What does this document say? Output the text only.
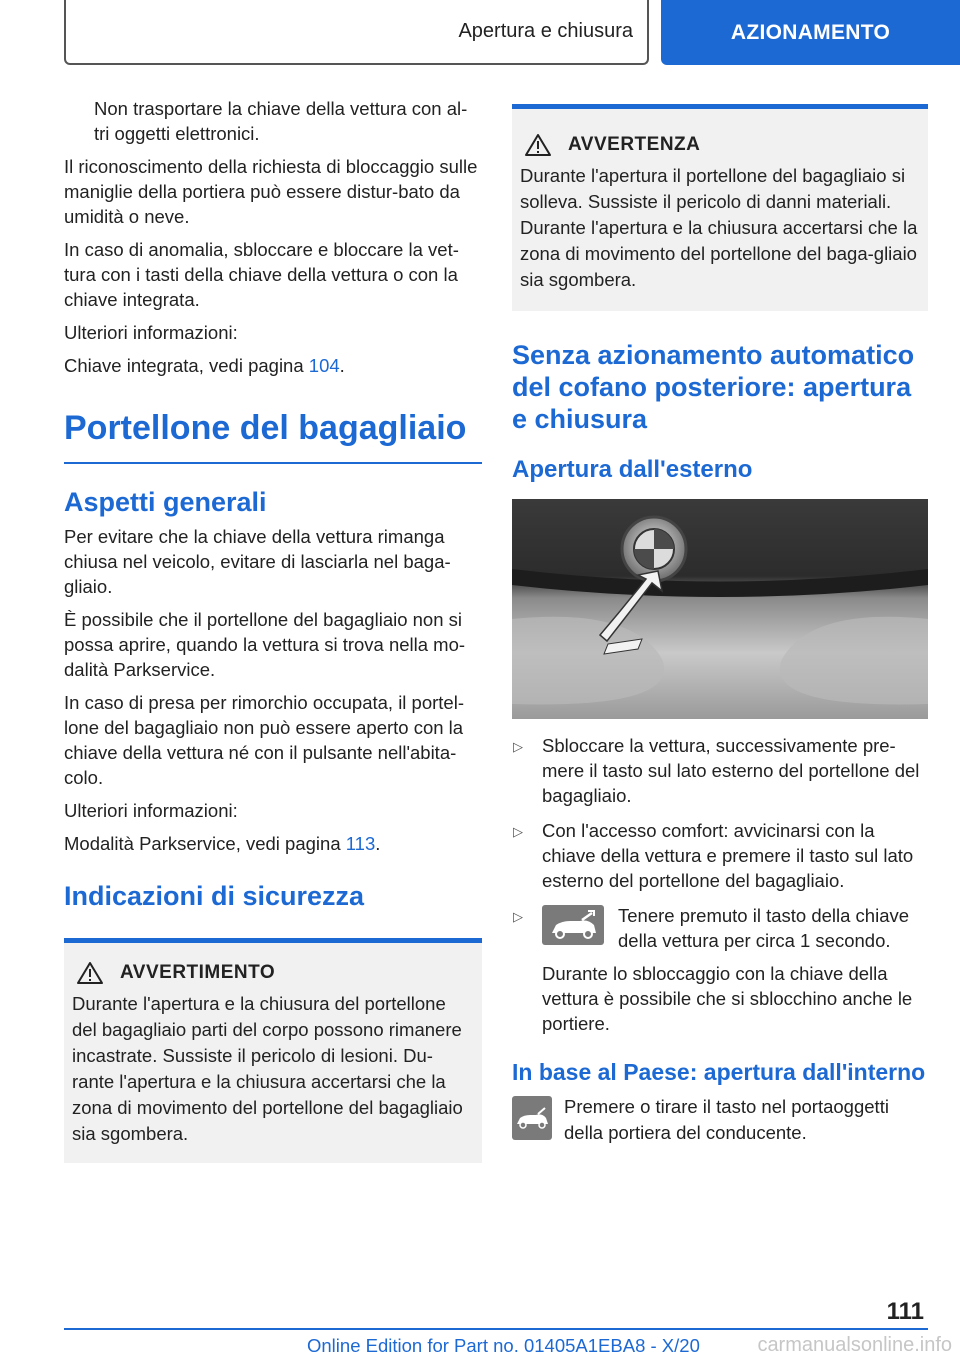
Apertura e chiusura	AZIONAMENTO

Non trasportare la chiave della vettura con al-tri oggetti elettronici.

Il riconoscimento della richiesta di bloccaggio sulle maniglie della portiera può essere distur-bato da umidità o neve.

In caso di anomalia, sbloccare e bloccare la vet-tura con i tasti della chiave della vettura o con la chiave integrata.

Ulteriori informazioni:

Chiave integrata, vedi pagina 104.

Portellone del bagagliaio
Aspetti generali

Per evitare che la chiave della vettura rimanga chiusa nel veicolo, evitare di lasciarla nel baga-gliaio.

È possibile che il portellone del bagagliaio non si possa aprire, quando la vettura si trova nella mo-dalità Parkservice.

In caso di presa per rimorchio occupata, il portel-lone del bagagliaio non può essere aperto con la chiave della vettura né con il pulsante nell'abita-colo.

Ulteriori informazioni:

Modalità Parkservice, vedi pagina 113.

Indicazioni di sicurezza
AVVERTIMENTO

Durante l'apertura e la chiusura del portellone del bagagliaio parti del corpo possono rimanere incastrate. Sussiste il pericolo di lesioni. Du-rante l'apertura e la chiusura accertarsi che la zona di movimento del portellone del bagagliaio sia sgombera.

AVVERTENZA

Durante l'apertura il portellone del bagagliaio si solleva. Sussiste il pericolo di danni materiali. Durante l'apertura e la chiusura accertarsi che la zona di movimento del portellone del baga-gliaio sia sgombera.

Senza azionamento automatico del cofano posteriore: apertura e chiusura
Apertura dall'esterno
▷ Sbloccare la vettura, successivamente pre-mere il tasto sul lato esterno del portellone del bagagliaio.
▷ Con l'accesso comfort: avvicinarsi con la chiave della vettura e premere il tasto sul lato esterno del portellone del bagagliaio.
▷	Tenere premuto il tasto della chiave della vettura per circa 1 secondo.

Durante lo sbloccaggio con la chiave della vettura è possibile che si sblocchino anche le portiere.

In base al Paese: apertura dall'interno

Premere o tirare il tasto nel portaoggetti della portiera del conducente.

111
Online Edition for Part no. 01405A1EBA8 - X/20	carmanualsonline.info
